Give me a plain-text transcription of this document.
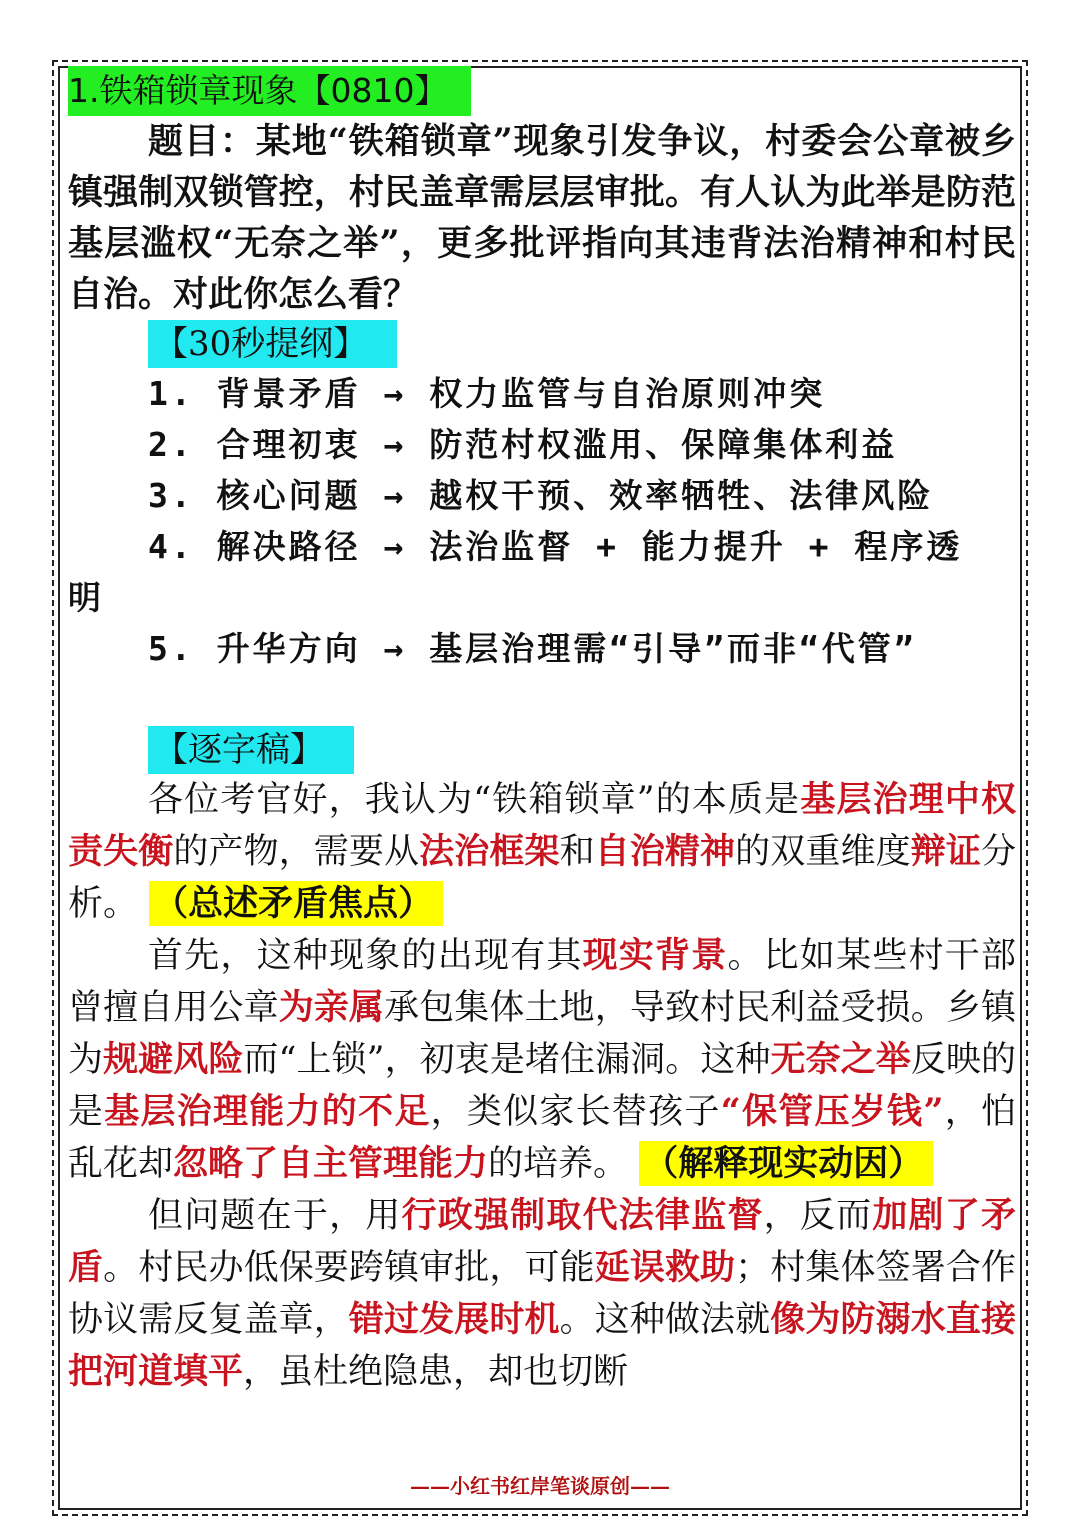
1.铁箱锁章现象【0810】

题目：某地“铁箱锁章”现象引发争议，村委会公章被乡镇强制双锁管控，村民盖章需层层审批。有人认为此举是防范基层滥权“无奈之举”，更多批评指向其违背法治精神和村民自治。对此你怎么看？

【30秒提纲】
1. 背景矛盾 → 权力监管与自治原则冲突
2. 合理初衷 → 防范村权滥用、保障集体利益
3. 核心问题 → 越权干预、效率牺牲、法律风险
4. 解决路径 → 法治监督 + 能力提升 + 程序透
明
5. 升华方向 → 基层治理需“引导”而非“代管”
【逐字稿】

各位考官好，我认为“铁箱锁章”的本质是基层治理中权责失衡的产物，需要从法治框架和自治精神的双重维度辩证分析。 （总述矛盾焦点）

首先，这种现象的出现有其现实背景。比如某些村干部曾擅自用公章为亲属承包集体土地，导致村民利益受损。乡镇为规避风险而“上锁”，初衷是堵住漏洞。这种无奈之举反映的是基层治理能力的不足，类似家长替孩子“保管压岁钱”，怕乱花却忽略了自主管理能力的培养。 （解释现实动因）

但问题在于，用行政强制取代法律监督，反而加剧了矛盾。村民办低保要跨镇审批，可能延误救助；村集体签署合作协议需反复盖章，错过发展时机。这种做法就像为防溺水直接把河道填平，虽杜绝隐患，却也切断

——小红书红岸笔谈原创——
